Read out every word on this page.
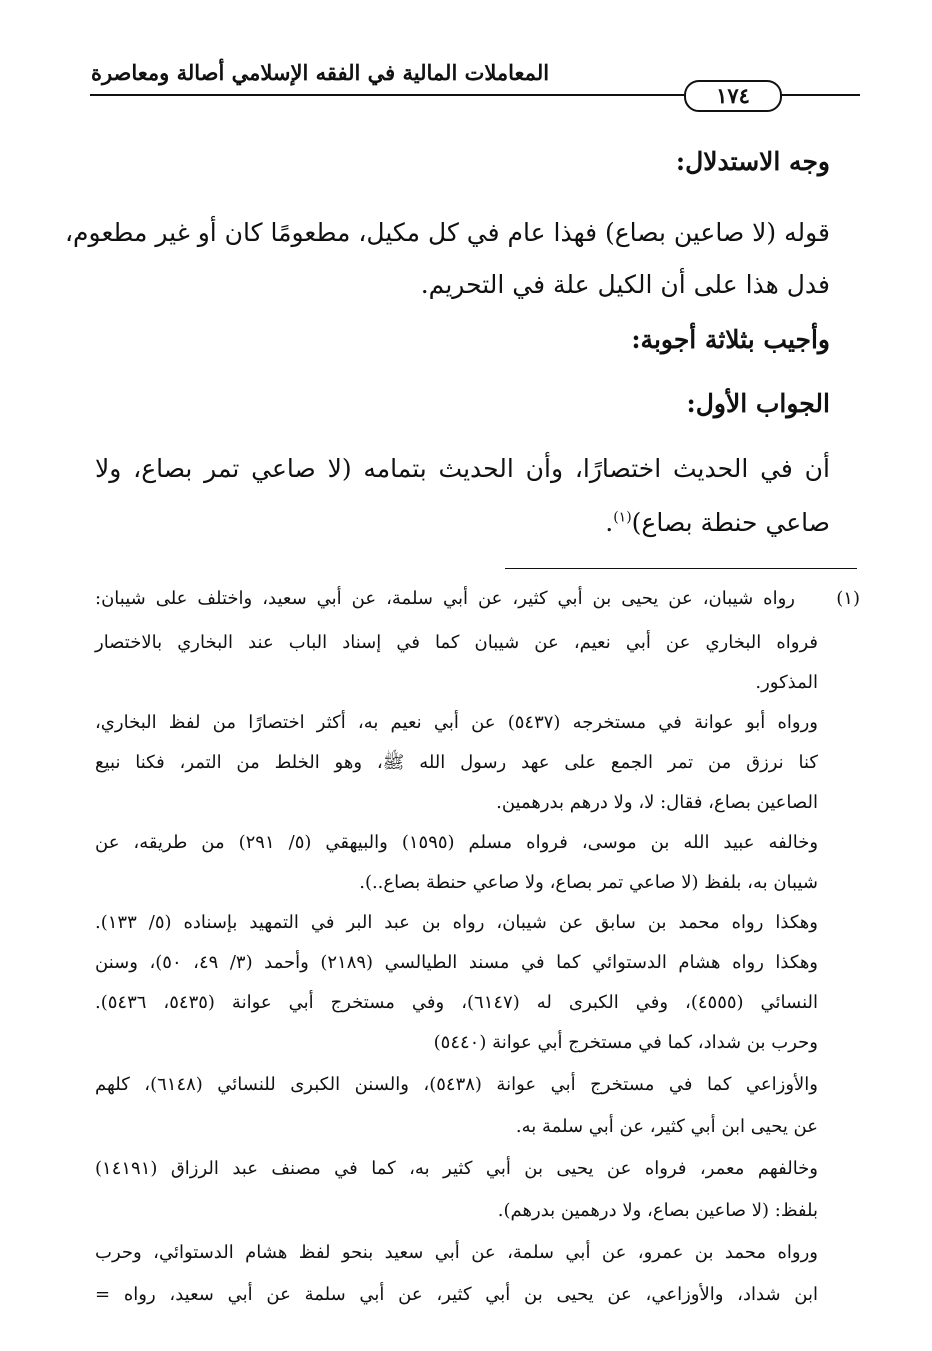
المعاملات المالية في الفقه الإسلامي أصالة ومعاصرة
١٧٤
وجه الاستدلال:
قوله (لا صاعين بصاع) فهذا عام في كل مكيل، مطعومًا كان أو غير مطعوم،
فدل هذا على أن الكيل علة في التحريم.
وأجيب بثلاثة أجوبة:
الجواب الأول:
أن في الحديث اختصارًا، وأن الحديث بتمامه (لا صاعي تمر بصاع، ولا
صاعي حنطة بصاع)$^{(١)}$.
(١)
رواه شيبان، عن يحيى بن أبي كثير، عن أبي سلمة، عن أبي سعيد، واختلف على شيبان:
فرواه البخاري عن أبي نعيم، عن شيبان كما في إسناد الباب عند البخاري بالاختصار
المذكور.
ورواه أبو عوانة في مستخرجه (٥٤٣٧) عن أبي نعيم به، أكثر اختصارًا من لفظ البخاري،
كنا نرزق من تمر الجمع على عهد رسول الله ﷺ، وهو الخلط من التمر، فكنا نبيع
الصاعين بصاع، فقال: لا، ولا درهم بدرهمين.
وخالفه عبيد الله بن موسى، فرواه مسلم (١٥٩٥) والبيهقي (٥/ ٢٩١) من طريقه، عن
شيبان به، بلفظ (لا صاعي تمر بصاع، ولا صاعي حنطة بصاع..).
وهكذا رواه محمد بن سابق عن شيبان، رواه بن عبد البر في التمهيد بإسناده (٥/ ١٣٣).
وهكذا رواه هشام الدستوائي كما في مسند الطيالسي (٢١٨٩) وأحمد (٣/ ٤٩، ٥٠)، وسنن
النسائي (٤٥٥٥)، وفي الكبرى له (٦١٤٧)، وفي مستخرج أبي عوانة (٥٤٣٥، ٥٤٣٦).
وحرب بن شداد، كما في مستخرج أبي عوانة (٥٤٤٠)
والأوزاعي كما في مستخرج أبي عوانة (٥٤٣٨)، والسنن الكبرى للنسائي (٦١٤٨)، كلهم
عن يحيى ابن أبي كثير، عن أبي سلمة به.
وخالفهم معمر، فرواه عن يحيى بن أبي كثير به، كما في مصنف عبد الرزاق (١٤١٩١)
بلفظ: (لا صاعين بصاع، ولا درهمين بدرهم).
ورواه محمد بن عمرو، عن أبي سلمة، عن أبي سعيد بنحو لفظ هشام الدستوائي، وحرب
ابن شداد، والأوزاعي، عن يحيى بن أبي كثير، عن أبي سلمة عن أبي سعيد، رواه =
